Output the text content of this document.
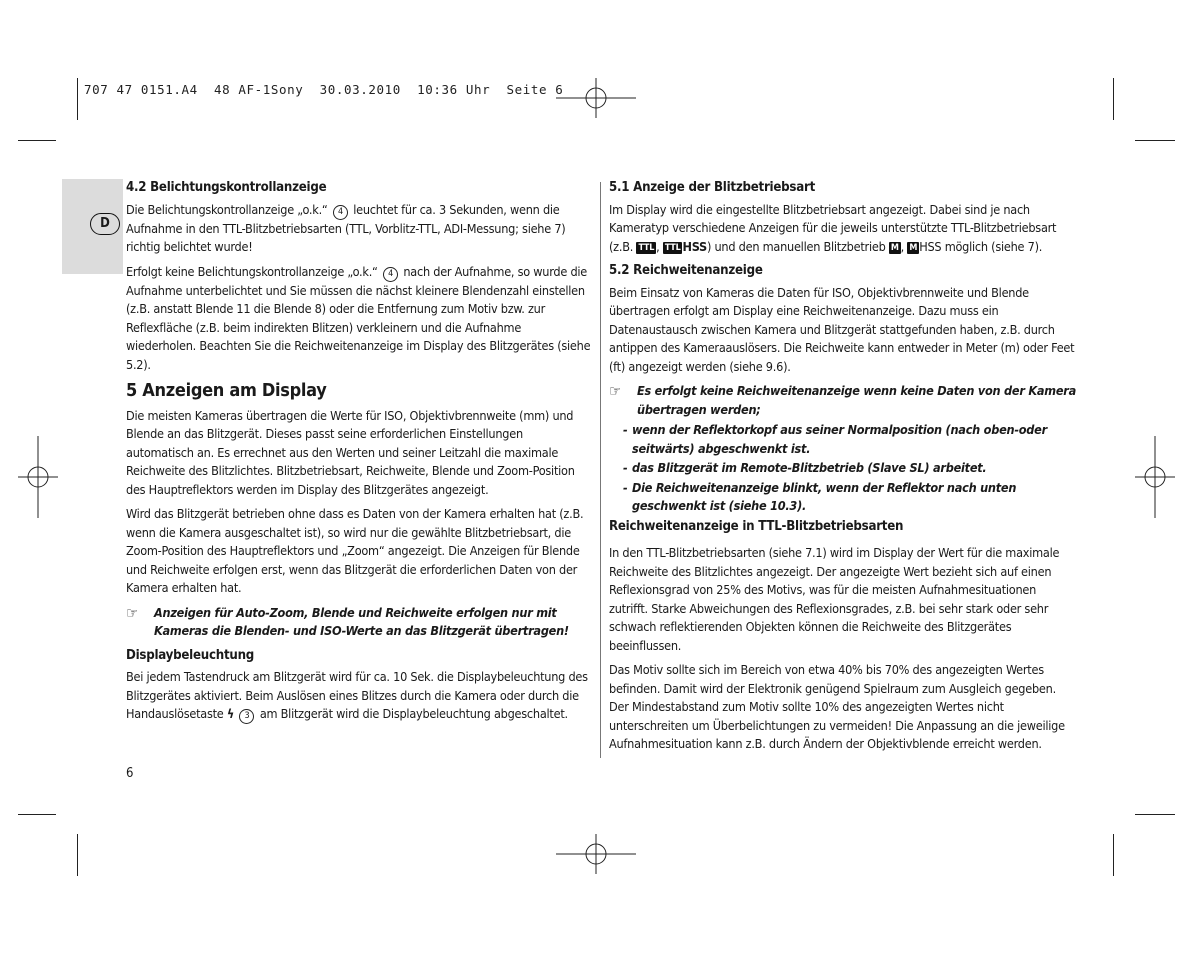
707 47 0151.A4  48 AF-1Sony  30.03.2010  10:36 Uhr  Seite 6
D
4.2 Belichtungskontrollanzeige

Die Belichtungskontrollanzeige „o.k.“ 4 leuchtet für ca. 3 Sekunden, wenn die Aufnahme in den TTL-Blitzbetriebsarten (TTL, Vorblitz-TTL, ADI-Messung; siehe 7) richtig belichtet wurde!

Erfolgt keine Belichtungskontrollanzeige „o.k.“ 4 nach der Aufnahme, so wurde die Aufnahme unterbelichtet und Sie müssen die nächst kleinere Blendenzahl einstellen (z.B. anstatt Blende 11 die Blende 8) oder die Entfernung zum Motiv bzw. zur Reflexfläche (z.B. beim indirekten Blitzen) verkleinern und die Aufnahme wiederholen. Beachten Sie die Reichweitenanzeige im Display des Blitzgerätes (siehe 5.2).

5 Anzeigen am Display

Die meisten Kameras übertragen die Werte für ISO, Objektivbrennweite (mm) und Blende an das Blitzgerät. Dieses passt seine erforderlichen Einstellungen automatisch an. Es errechnet aus den Werten und seiner Leitzahl die maximale Reichweite des Blitzlichtes. Blitzbetriebsart, Reichweite, Blende und Zoom-Position des Hauptreflektors werden im Display des Blitzgerätes angezeigt.

Wird das Blitzgerät betrieben ohne dass es Daten von der Kamera erhalten hat (z.B. wenn die Kamera ausgeschaltet ist), so wird nur die gewählte Blitzbetriebsart, die Zoom-Position des Hauptreflektors und „Zoom“ angezeigt. Die Anzeigen für Blende und Reichweite erfolgen erst, wenn das Blitzgerät die erforderlichen Daten von der Kamera erhalten hat.

☞	Anzeigen für Auto-Zoom, Blende und Reichweite erfolgen nur mit Kameras die Blenden- und ISO-Werte an das Blitzgerät übertragen!
Displaybeleuchtung

Bei jedem Tastendruck am Blitzgerät wird für ca. 10 Sek. die Displaybeleuchtung des Blitzgerätes aktiviert. Beim Auslösen eines Blitzes durch die Kamera oder durch die Handauslösetaste ϟ 3 am Blitzgerät wird die Displaybeleuchtung abgeschaltet.

6
5.1 Anzeige der Blitzbetriebsart

Im Display wird die eingestellte Blitzbetriebsart angezeigt. Dabei sind je nach Kameratyp verschiedene Anzeigen für die jeweils unterstützte TTL-Blitzbetriebsart (z.B. TTL , TTL HSS) und den manuellen Blitzbetrieb M , M HSS möglich (siehe 7).

5.2 Reichweitenanzeige

Beim Einsatz von Kameras die Daten für ISO, Objektivbrennweite und Blende übertragen erfolgt am Display eine Reichweitenanzeige. Dazu muss ein Datenaustausch zwischen Kamera und Blitzgerät stattgefunden haben, z.B. durch antippen des Kameraauslösers. Die Reichweite kann entweder in Meter (m) oder Feet (ft) angezeigt werden (siehe 9.6).

☞	Es erfolgt keine Reichweitenanzeige wenn keine Daten von der Kamera übertragen werden;
- wenn der Reflektorkopf aus seiner Normalposition (nach oben-oder seitwärts) abgeschwenkt ist.
- das Blitzgerät im Remote-Blitzbetrieb (Slave SL) arbeitet.
- Die Reichweitenanzeige blinkt, wenn der Reflektor nach unten geschwenkt ist (siehe 10.3).
Reichweitenanzeige in TTL-Blitzbetriebsarten

In den TTL-Blitzbetriebsarten (siehe 7.1) wird im Display der Wert für die maximale Reichweite des Blitzlichtes angezeigt. Der angezeigte Wert bezieht sich auf einen Reflexionsgrad von 25% des Motivs, was für die meisten Aufnahmesituationen zutrifft. Starke Abweichungen des Reflexionsgrades, z.B. bei sehr stark oder sehr schwach reflektierenden Objekten können die Reichweite des Blitzgerätes beeinflussen.

Das Motiv sollte sich im Bereich von etwa 40% bis 70% des angezeigten Wertes befinden. Damit wird der Elektronik genügend Spielraum zum Ausgleich gegeben. Der Mindestabstand zum Motiv sollte 10% des angezeigten Wertes nicht unterschreiten um Überbelichtungen zu vermeiden! Die Anpassung an die jeweilige Aufnahmesituation kann z.B. durch Ändern der Objektivblende erreicht werden.
